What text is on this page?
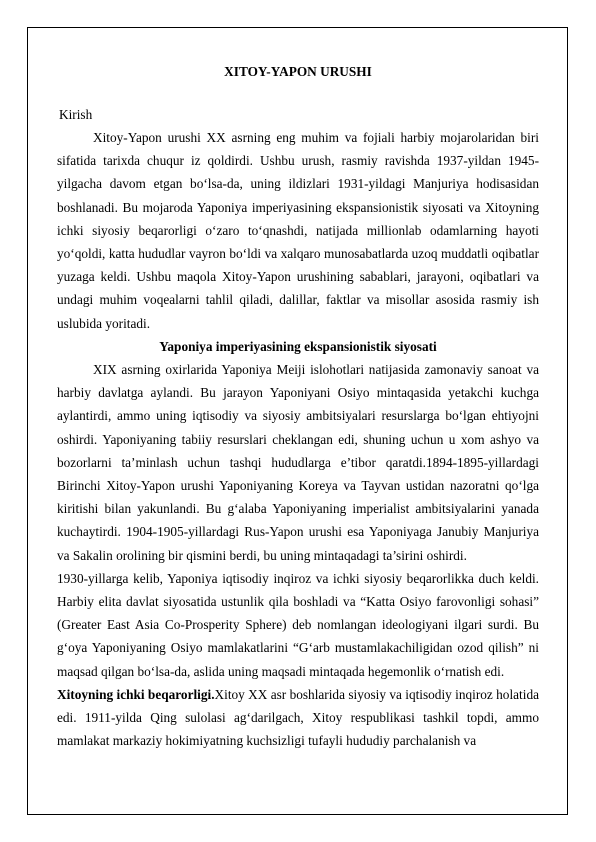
XITOY-YAPON URUSHI
Kirish

Xitoy-Yapon urushi XX asrning eng muhim va fojiali harbiy mojarolaridan biri sifatida tarixda chuqur iz qoldirdi. Ushbu urush, rasmiy ravishda 1937-yildan 1945-yilgacha davom etgan bo‘lsa-da, uning ildizlari 1931-yildagi Manjuriya hodisasidan boshlanadi. Bu mojaroda Yaponiya imperiyasining ekspansionistik siyosati va Xitoyning ichki siyosiy beqarorligi o‘zaro to‘qnashdi, natijada millionlab odamlarning hayoti yo‘qoldi, katta hududlar vayron bo‘ldi va xalqaro munosabatlarda uzoq muddatli oqibatlar yuzaga keldi. Ushbu maqola Xitoy-Yapon urushining sabablari, jarayoni, oqibatlari va undagi muhim voqealarni tahlil qiladi, dalillar, faktlar va misollar asosida rasmiy ish uslubida yoritadi.

Yaponiya imperiyasining ekspansionistik siyosati

XIX asrning oxirlarida Yaponiya Meiji islohotlari natijasida zamonaviy sanoat va harbiy davlatga aylandi. Bu jarayon Yaponiyani Osiyo mintaqasida yetakchi kuchga aylantirdi, ammo uning iqtisodiy va siyosiy ambitsiyalari resurslarga bo‘lgan ehtiyojni oshirdi. Yaponiyaning tabiiy resurslari cheklangan edi, shuning uchun u xom ashyo va bozorlarni ta’minlash uchun tashqi hududlarga e’tibor qaratdi.1894-1895-yillardagi Birinchi Xitoy-Yapon urushi Yaponiyaning Koreya va Tayvan ustidan nazoratni qo‘lga kiritishi bilan yakunlandi. Bu g‘alaba Yaponiyaning imperialist ambitsiyalarini yanada kuchaytirdi. 1904-1905-yillardagi Rus-Yapon urushi esa Yaponiyaga Janubiy Manjuriya va Sakalin orolining bir qismini berdi, bu uning mintaqadagi ta’sirini oshirdi.

1930-yillarga kelib, Yaponiya iqtisodiy inqiroz va ichki siyosiy beqarorlikka duch keldi. Harbiy elita davlat siyosatida ustunlik qila boshladi va “Katta Osiyo farovonligi sohasi” (Greater East Asia Co-Prosperity Sphere) deb nomlangan ideologiyani ilgari surdi. Bu g‘oya Yaponiyaning Osiyo mamlakatlarini “G‘arb mustamlakachiligidan ozod qilish” ni maqsad qilgan bo‘lsa-da, aslida uning maqsadi mintaqada hegemonlik o‘rnatish edi.

Xitoyning ichki beqarorligi.Xitoy XX asr boshlarida siyosiy va iqtisodiy inqiroz holatida edi. 1911-yilda Qing sulolasi ag‘darilgach, Xitoy respublikasi tashkil topdi, ammo mamlakat markaziy hokimiyatning kuchsizligi tufayli hududiy parchalanish va
